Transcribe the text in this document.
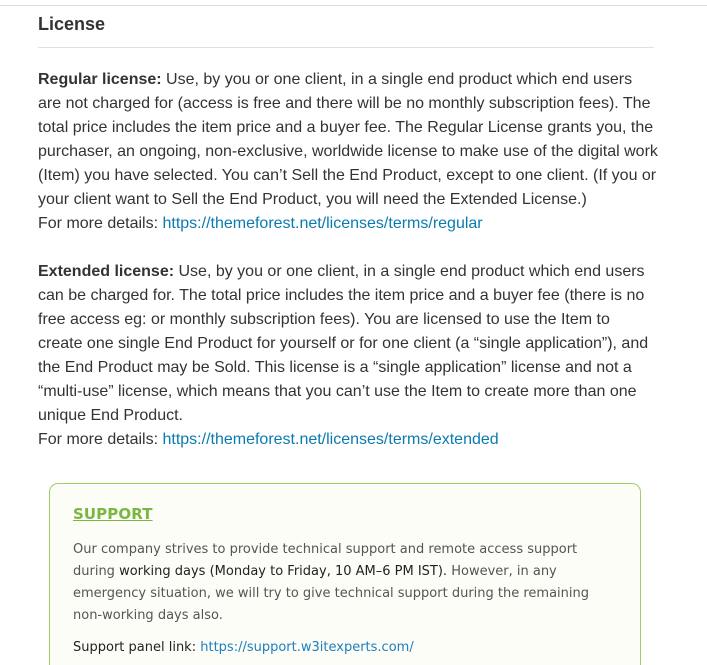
License

Regular license: Use, by you or one client, in a single end product which end users are not charged for (access is free and there will be no monthly subscription fees). The total price includes the item price and a buyer fee. The Regular License grants you, the purchaser, an ongoing, non-exclusive, worldwide license to make use of the digital work (Item) you have selected. You can’t Sell the End Product, except to one client. (If you or your client want to Sell the End Product, you will need the Extended License.)
For more details: https://themeforest.net/licenses/terms/regular

Extended license: Use, by you or one client, in a single end product which end users can be charged for. The total price includes the item price and a buyer fee (there is no free access eg: or monthly subscription fees). You are licensed to use the Item to create one single End Product for yourself or for one client (a “single application”), and the End Product may be Sold. This license is a “single application” license and not a “multi-use” license, which means that you can’t use the Item to create more than one unique End Product.
For more details: https://themeforest.net/licenses/terms/extended

SUPPORT

Our company strives to provide technical support and remote access support during working days (Monday to Friday, 10 AM–6 PM IST). However, in any emergency situation, we will try to give technical support during the remaining non-working days also.

Support panel link: https://support.w3itexperts.com/
